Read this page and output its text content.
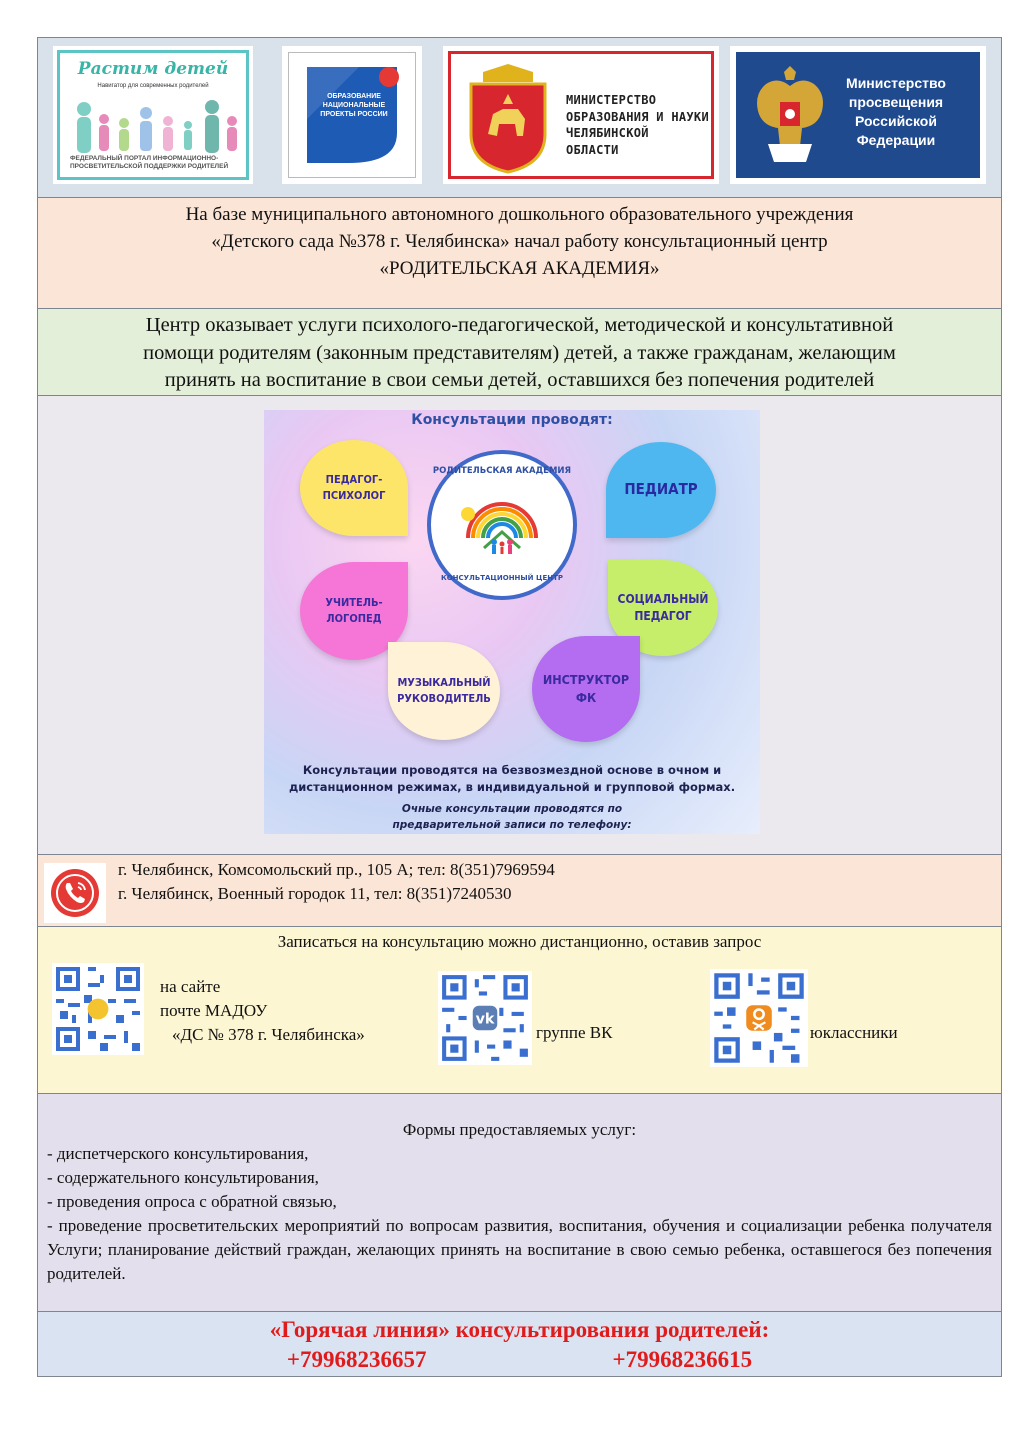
Растим детей
Навигатор для современных родителей
ФЕДЕРАЛЬНЫЙ ПОРТАЛ ИНФОРМАЦИОННО-ПРОСВЕТИТЕЛЬСКОЙ ПОДДЕРЖКИ РОДИТЕЛЕЙ
ОБРАЗОВАНИЕ НАЦИОНАЛЬНЫЕ ПРОЕКТЫ РОССИИ
МИНИСТЕРСТВО
ОБРАЗОВАНИЯ И НАУКИ
ЧЕЛЯБИНСКОЙ
ОБЛАСТИ
Министерство
просвещения
Российской
Федерации
На базе муниципального автономного дошкольного образовательного учреждения
«Детского сада №378 г. Челябинска» начал работу консультационный центр
«РОДИТЕЛЬСКАЯ АКАДЕМИЯ»
Центр оказывает услуги психолого-педагогической, методической и консультативной
помощи родителям (законным представителям) детей, а также гражданам, желающим
принять на воспитание в свои семьи детей, оставшихся без попечения родителей
Консультации проводят:
ПЕДАГОГ-ПСИХОЛОГ	ПЕДИАТР
УЧИТЕЛЬ-ЛОГОПЕД
СОЦИАЛЬНЫЙ ПЕДАГОГ
МУЗЫКАЛЬНЫЙ РУКОВОДИТЕЛЬ
ИНСТРУКТОР ФК
РОДИТЕЛЬСКАЯ АКАДЕМИЯ
КОНСУЛЬТАЦИОННЫЙ ЦЕНТР
Консультации проводятся на безвозмездной основе в очном и
дистанционном режимах, в индивидуальной и групповой формах.
Очные консультации проводятся по
предварительной записи по телефону:
г. Челябинск, Комсомольский пр., 105 А; тел: 8(351)7969594
г. Челябинск, Военный городок 11, тел: 8(351)7240530
Записаться на консультацию можно дистанционно, оставив запрос
на сайте
почте МАДОУ
«ДС № 378 г. Челябинска»
vk
группе ВК	юклассники
Формы предоставляемых услуг:
- диспетчерского консультирования,
- содержательного консультирования,
- проведения опроса с обратной связью,
- проведение просветительских мероприятий по вопросам развития, воспитания, обучения и социализации ребенка получателя Услуги; планирование действий граждан, желающих принять на воспитание в свою семью ребенка, оставшегося без попечения родителей.
«Горячая линия» консультирования родителей:
+79968236657	+79968236615
